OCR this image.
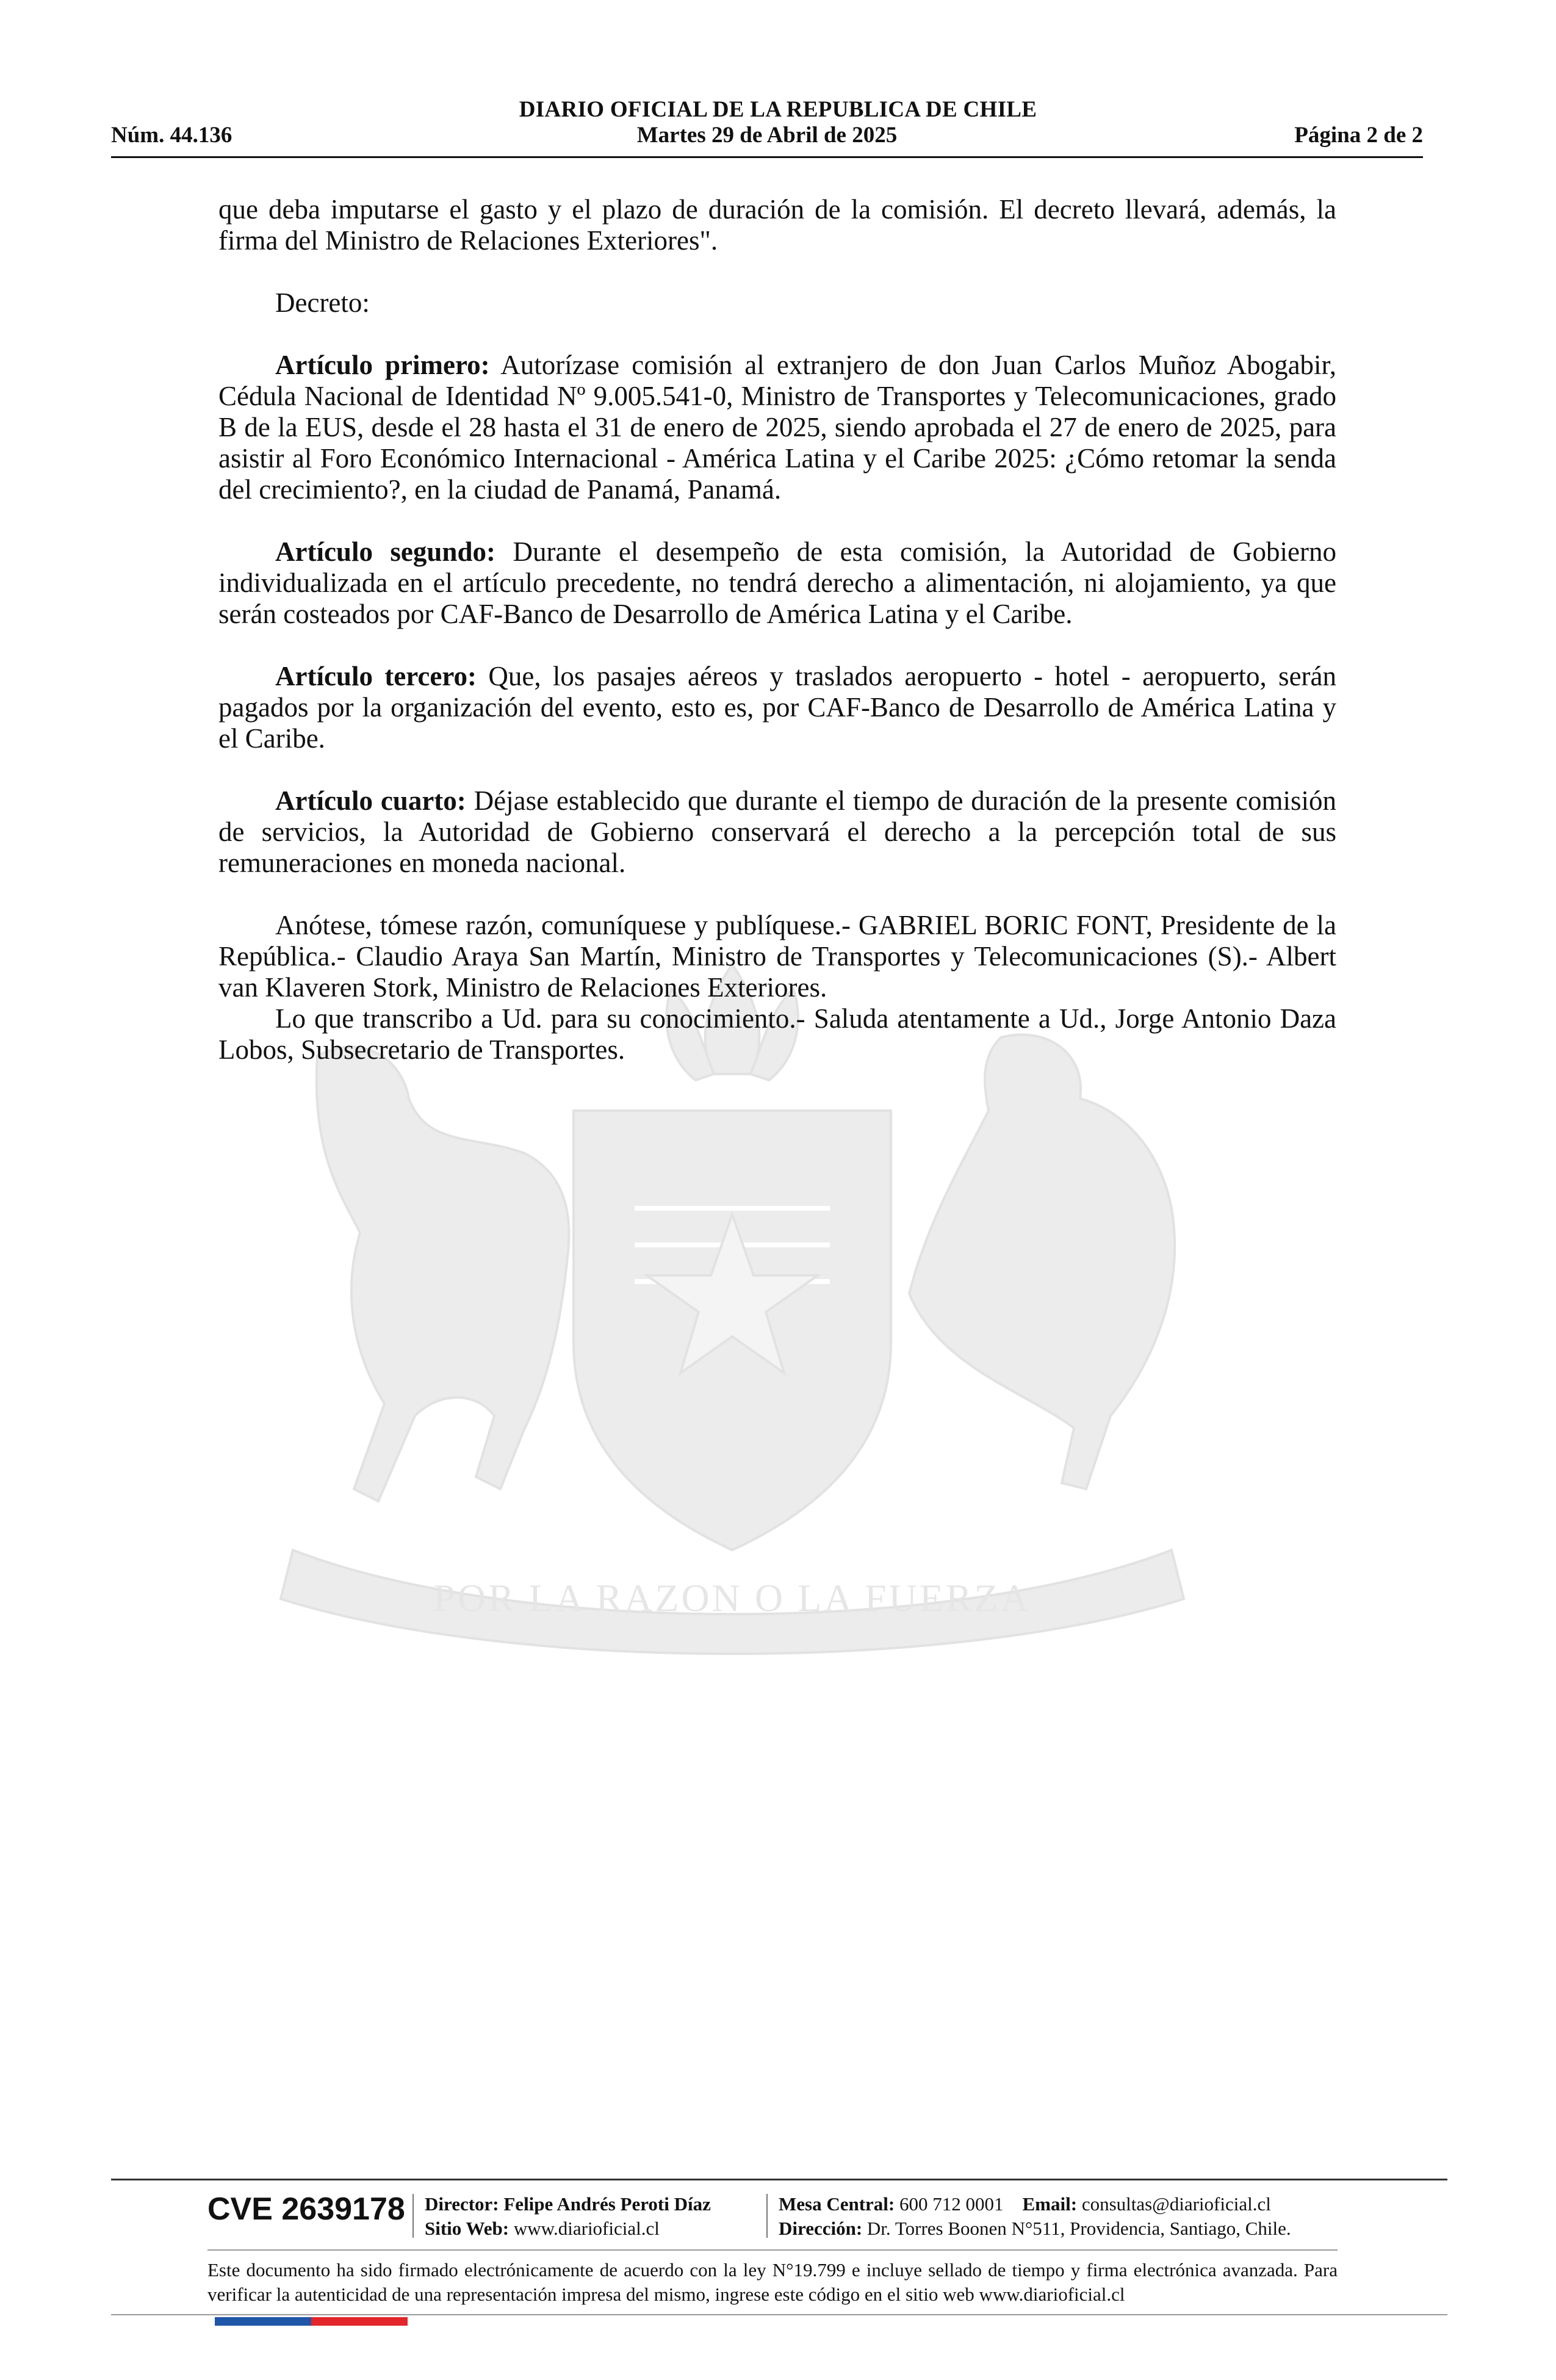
DIARIO OFICIAL DE LA REPUBLICA DE CHILE
Martes 29 de Abril de 2025
Núm. 44.136	Página 2 de 2
POR LA RAZON O LA FUERZA

que deba imputarse el gasto y el plazo de duración de la comisión. El decreto llevará, además, la firma del Ministro de Relaciones Exteriores".

Decreto:

Artículo primero: Autorízase comisión al extranjero de don Juan Carlos Muñoz Abogabir, Cédula Nacional de Identidad Nº 9.005.541-0, Ministro de Transportes y Telecomunicaciones, grado B de la EUS, desde el 28 hasta el 31 de enero de 2025, siendo aprobada el 27 de enero de 2025, para asistir al Foro Económico Internacional - América Latina y el Caribe 2025: ¿Cómo retomar la senda del crecimiento?, en la ciudad de Panamá, Panamá.

Artículo segundo: Durante el desempeño de esta comisión, la Autoridad de Gobierno individualizada en el artículo precedente, no tendrá derecho a alimentación, ni alojamiento, ya que serán costeados por CAF-Banco de Desarrollo de América Latina y el Caribe.

Artículo tercero: Que, los pasajes aéreos y traslados aeropuerto - hotel - aeropuerto, serán pagados por la organización del evento, esto es, por CAF-Banco de Desarrollo de América Latina y el Caribe.

Artículo cuarto: Déjase establecido que durante el tiempo de duración de la presente comisión de servicios, la Autoridad de Gobierno conservará el derecho a la percepción total de sus remuneraciones en moneda nacional.

Anótese, tómese razón, comuníquese y publíquese.- GABRIEL BORIC FONT, Presidente de la República.- Claudio Araya San Martín, Ministro de Transportes y Telecomunicaciones (S).- Albert van Klaveren Stork, Ministro de Relaciones Exteriores.

Lo que transcribo a Ud. para su conocimiento.- Saluda atentamente a Ud., Jorge Antonio Daza Lobos, Subsecretario de Transportes.

CVE 2639178 Director: Felipe Andrés Peroti Díaz
Sitio Web: www.diarioficial.cl
Mesa Central: 600 712 0001 Email: consultas@diarioficial.cl
Dirección: Dr. Torres Boonen N°511, Providencia, Santiago, Chile.
Este documento ha sido firmado electrónicamente de acuerdo con la ley N°19.799 e incluye sellado de tiempo y firma electrónica avanzada. Para verificar la autenticidad de una representación impresa del mismo, ingrese este código en el sitio web www.diarioficial.cl
